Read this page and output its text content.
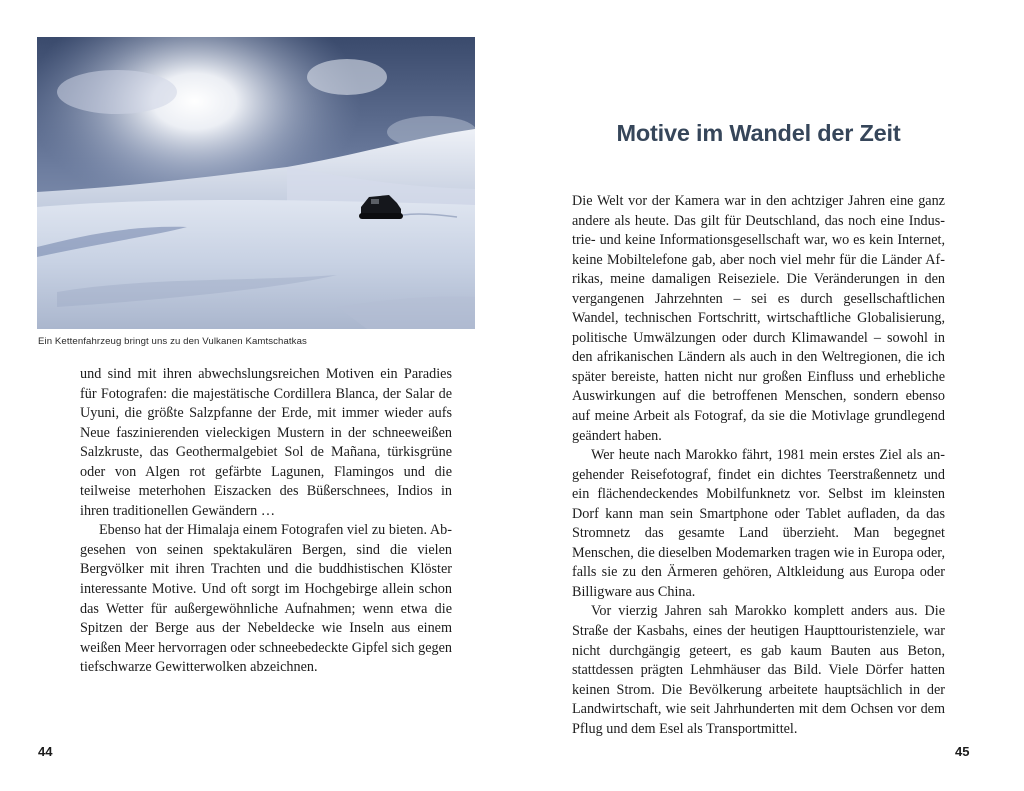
Ein Kettenfahrzeug bringt uns zu den Vulkanen Kamtschatkas

und sind mit ihren abwechslungsreichen Motiven ein Paradies für Fotografen: die majestätische Cordillera Blanca, der Salar de Uyuni, die größte Salzpfanne der Erde, mit immer wieder aufs Neue faszinierenden vieleckigen Mustern in der schneeweißen Salzkruste, das Geothermalgebiet Sol de Mañana, türkisgrüne oder von Algen rot gefärbte Lagunen, Flamingos und die teilweise meterhohen Eiszacken des Büßerschnees, Indios in ihren traditionellen Gewändern …

Ebenso hat der Himalaja einem Fotografen viel zu bieten. Abgesehen von seinen spektakulären Bergen, sind die vielen Bergvölker mit ihren Trachten und die buddhistischen Klöster interessante Motive. Und oft sorgt im Hochgebirge allein schon das Wetter für außergewöhnliche Aufnahmen; wenn etwa die Spitzen der Berge aus der Nebeldecke wie Inseln aus einem weißen Meer hervorragen oder schneebedeckte Gipfel sich gegen tiefschwarze Gewitterwolken abzeichnen.

44
Motive im Wandel der Zeit

Die Welt vor der Kamera war in den achtziger Jahren eine ganz andere als heute. Das gilt für Deutschland, das noch eine Industrie- und keine Informationsgesellschaft war, wo es kein Internet, keine Mobiltelefone gab, aber noch viel mehr für die Länder Afrikas, meine damaligen Reiseziele. Die Veränderungen in den vergangenen Jahrzehnten – sei es durch gesellschaftlichen Wandel, technischen Fortschritt, wirtschaftliche Globalisierung, politische Umwälzungen oder durch Klimawandel – sowohl in den afrikanischen Ländern als auch in den Weltregionen, die ich später bereiste, hatten nicht nur großen Einfluss und erhebliche Auswirkungen auf die betroffenen Menschen, sondern ebenso auf meine Arbeit als Fotograf, da sie die Motivlage grundlegend geändert haben.

Wer heute nach Marokko fährt, 1981 mein erstes Ziel als angehender Reisefotograf, findet ein dichtes Teerstraßennetz und ein flächendeckendes Mobilfunknetz vor. Selbst im kleinsten Dorf kann man sein Smartphone oder Tablet aufladen, da das Stromnetz das gesamte Land überzieht. Man begegnet Menschen, die dieselben Modemarken tragen wie in Europa oder, falls sie zu den Ärmeren gehören, Altkleidung aus Europa oder Billigware aus China.

Vor vierzig Jahren sah Marokko komplett anders aus. Die Straße der Kasbahs, eines der heutigen Haupttouristenziele, war nicht durchgängig geteert, es gab kaum Bauten aus Beton, stattdessen prägten Lehmhäuser das Bild. Viele Dörfer hatten keinen Strom. Die Bevölkerung arbeitete hauptsächlich in der Landwirtschaft, wie seit Jahrhunderten mit dem Ochsen vor dem Pflug und dem Esel als Transportmittel.

45
